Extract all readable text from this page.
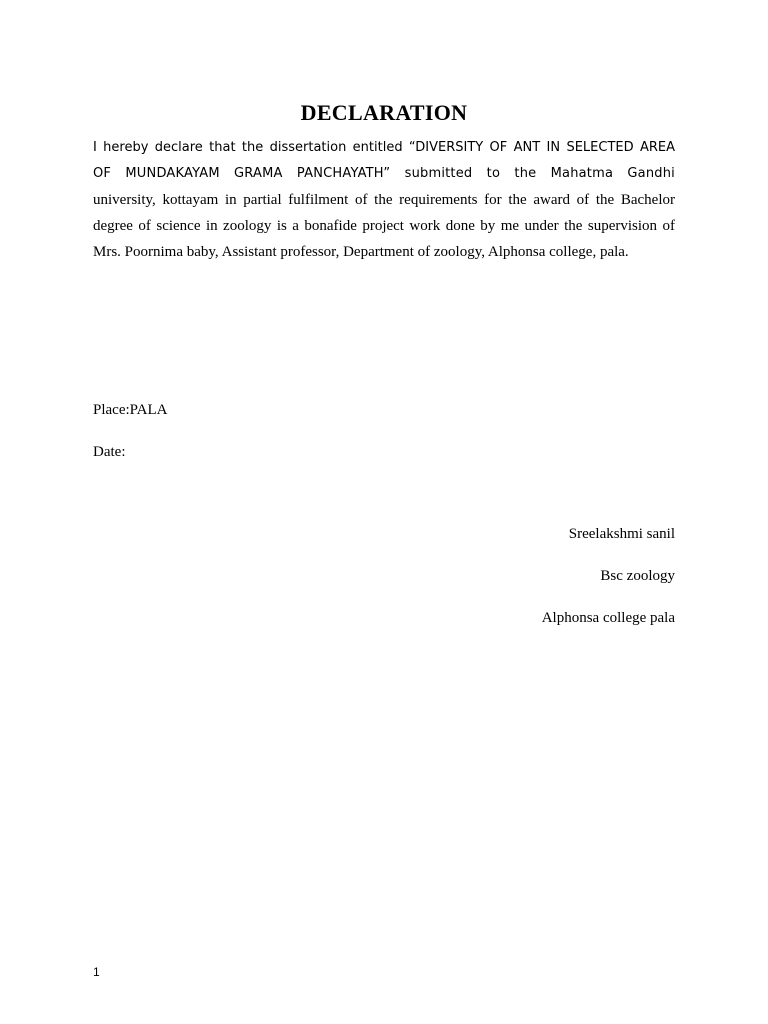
DECLARATION
I hereby declare that the dissertation entitled “DIVERSITY OF ANT IN SELECTED AREA
OF MUNDAKAYAM GRAMA PANCHAYATH” submitted to the Mahatma Gandhi
university, kottayam in partial fulfilment of the requirements for the award of the Bachelor
degree of science in zoology is a bonafide project work done by me under the supervision of
Mrs. Poornima baby, Assistant professor, Department of zoology, Alphonsa college, pala.

Place:PALA

Date:

Sreelakshmi sanil

Bsc zoology

Alphonsa college pala

1
